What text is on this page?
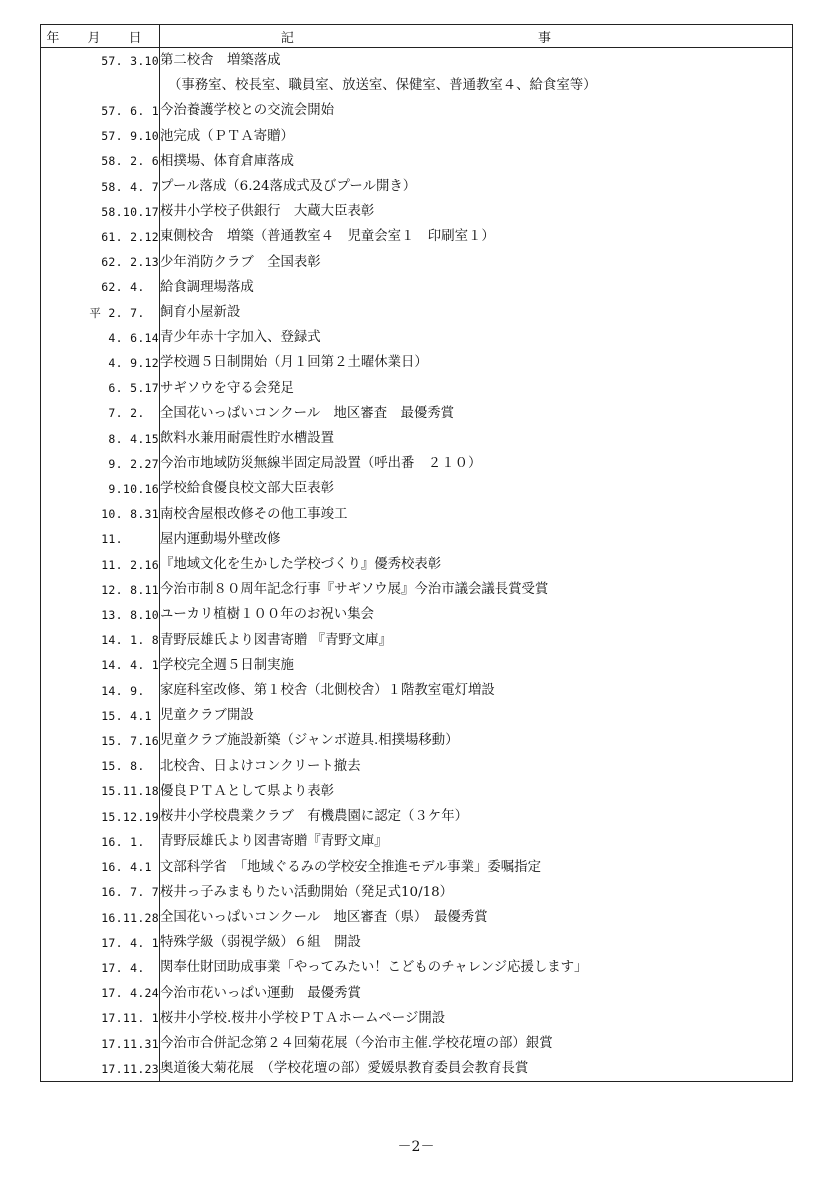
年 月 日	記 事
57. 3.10	第二校舎　増築落成
（事務室、校長室、職員室、放送室、保健室、普通教室４、給食室等）

57. 6. 1	今治養護学校との交流会開始

57. 9.10	池完成（ＰＴＡ寄贈）

58. 2. 6	相撲場、体育倉庫落成

58. 4. 7	プール落成（6.24落成式及びプール開き）

58.10.17	桜井小学校子供銀行　大蔵大臣表彰

61. 2.12	東側校舎　増築（普通教室４　児童会室１　印刷室１）

62. 2.13	少年消防クラブ　全国表彰

62. 4.	給食調理場落成

平 2. 7.	飼育小屋新設

4. 6.14	青少年赤十字加入、登録式

4. 9.12	学校週５日制開始（月１回第２土曜休業日）

6. 5.17	サギソウを守る会発足

7. 2.	全国花いっぱいコンクール　地区審査　最優秀賞

8. 4.15	飲料水兼用耐震性貯水槽設置

9. 2.27	今治市地域防災無線半固定局設置（呼出番　２１０）

9.10.16	学校給食優良校文部大臣表彰

10. 8.31	南校舎屋根改修その他工事竣工

11.	屋内運動場外壁改修

11. 2.16	『地域文化を生かした学校づくり』優秀校表彰

12. 8.11	今治市制８０周年記念行事『サギソウ展』今治市議会議長賞受賞

13. 8.10	ユーカリ植樹１００年のお祝い集会

14. 1. 8	青野辰雄氏より図書寄贈 『青野文庫』

14. 4. 1	学校完全週５日制実施

14. 9.	家庭科室改修、第１校舎（北側校舎）１階教室電灯増設

15. 4.1	児童クラブ開設

15. 7.16	児童クラブ施設新築（ジャンボ遊具.相撲場移動）

15. 8.	北校舎、日よけコンクリート撤去

15.11.18	優良ＰＴＡとして県より表彰

15.12.19	桜井小学校農業クラブ　有機農園に認定（３ケ年）

16. 1.	青野辰雄氏より図書寄贈『青野文庫』

16. 4.1	文部科学省　「地域ぐるみの学校安全推進モデル事業」委嘱指定

16. 7. 7	桜井っ子みまもりたい活動開始（発足式10/18）

16.11.28	全国花いっぱいコンクール　地区審査（県）　最優秀賞

17. 4. 1	特殊学級（弱視学級）６組　開設

17. 4.	関奉仕財団助成事業「やってみたい！こどものチャレンジ応援します」

17. 4.24	今治市花いっぱい運動　最優秀賞

17.11. 1	桜井小学校.桜井小学校ＰＴＡホームページ開設

17.11.31	今治市合併記念第２４回菊花展（今治市主催.学校花壇の部）銀賞

17.11.23	奥道後大菊花展　（学校花壇の部）愛媛県教育委員会教育長賞
－2－
